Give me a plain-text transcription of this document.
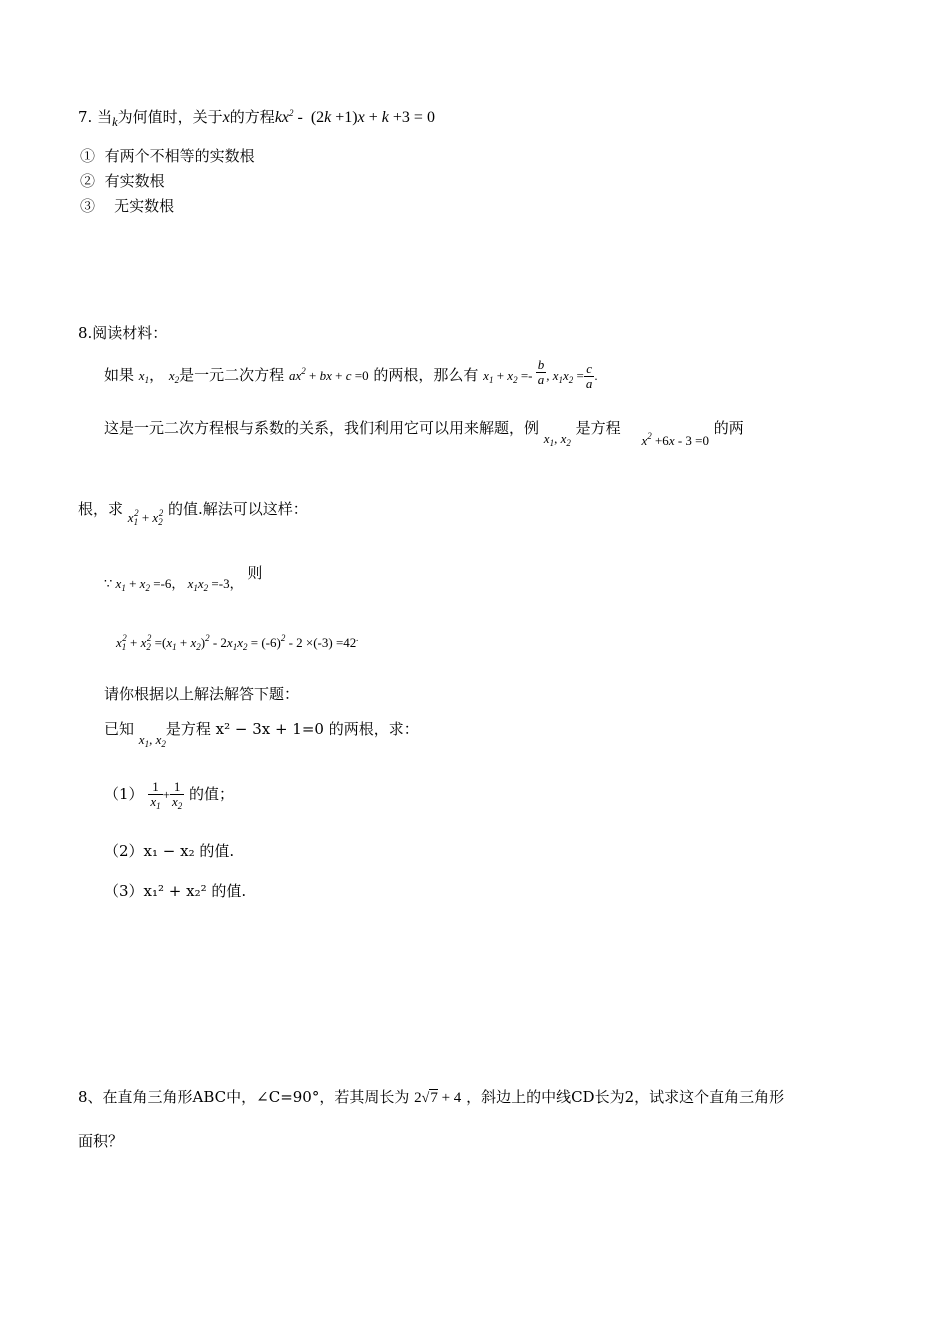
7. 当$_k$为何值时，关于x的方程$kx^2 - (2k +1)x + k +3 = 0$
① 有两个不相等的实数根
② 有实数根
③ 无实数根
8.阅读材料：
如果 $x_1$， $x_2$是一元二次方程 $ax^2$ + bx + c =0 的两根，那么有 $x_1 + x_2 =- \frac{b}{a}$ , $x_1x_2 = \frac{c}{a}$ .
这是一元二次方程根与系数的关系，我们利用它可以用来解题，例 $x_1$, $x_2$ 是方程 $x^2 +6x - 3 =0$ 的两
根，求 $x_1^2 + x_2^2$ 的值.解法可以这样：
∵ $x_1 + x_2 =-6$， $x_1x_2 =-3$， 则
$x_1^2 + x_2^2 =(x_1 + x_2)^2 - 2x_1x_2 = (-6)^2 - 2 \times(-3) =42^.$
请你根据以上解法解答下题：
已知 $x_1$, $x_2$是方程 x² − 3x + 1=0 的两根，求：
$(1) \frac{1}{x_1} + \frac{1}{x_2}$ 的值；
（2）x₁ − x₂ 的值.
（3）x₁² + x₂² 的值.
8、在直角三角形ABC中，∠C=90°，若其周长为 2√7 + 4 ，斜边上的中线CD长为2，试求这个直角三角形
面积？
